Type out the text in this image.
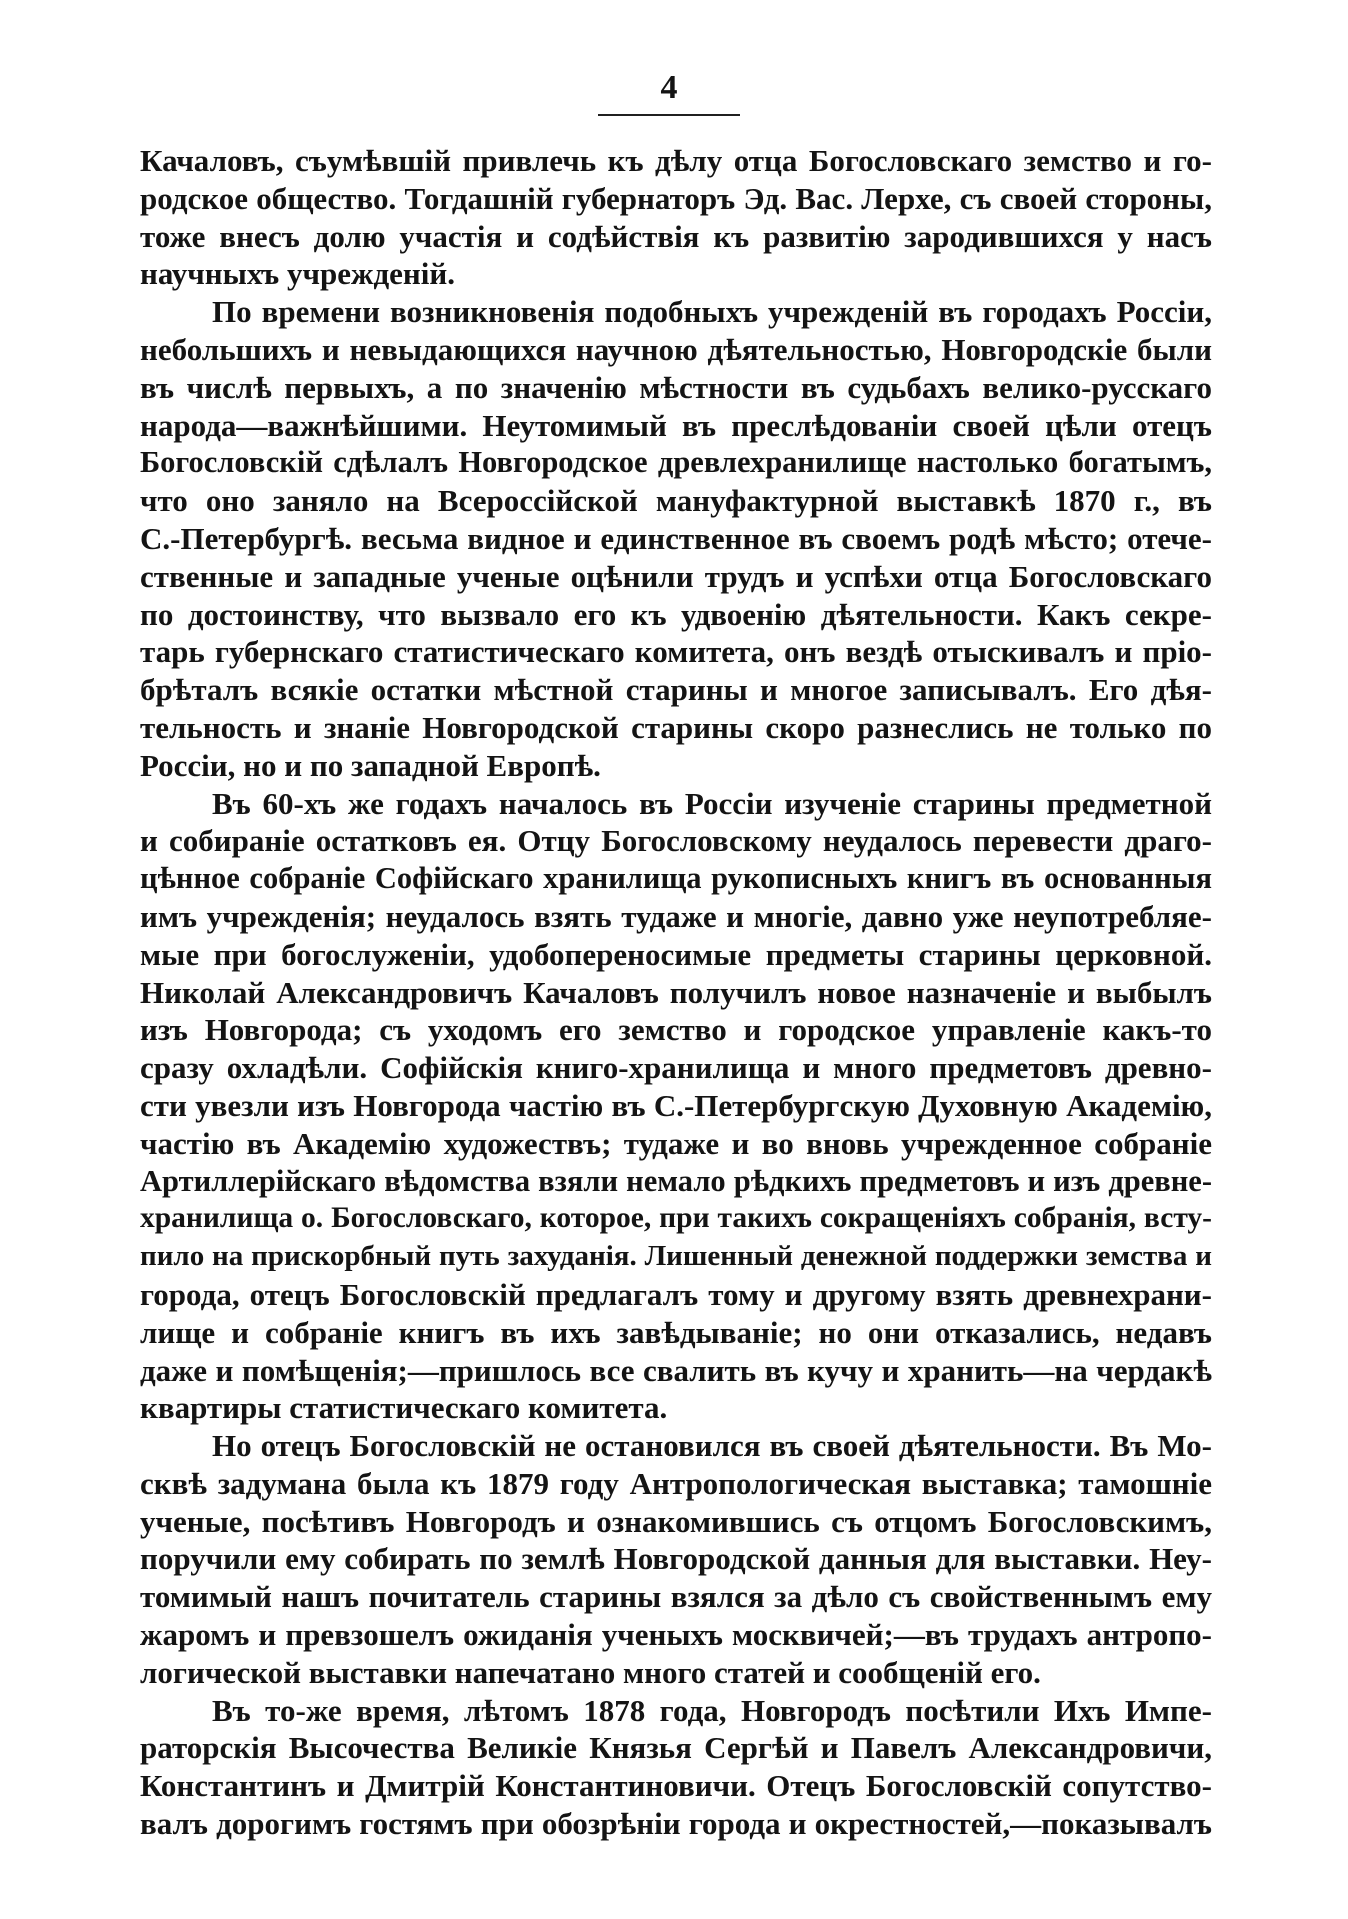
4
Качаловъ, съумѣвшій привлечь къ дѣлу отца Богословскаго земство и го-
родское общество. Тогдашній губернаторъ Эд. Вас. Лерхе, съ своей стороны,
тоже внесъ долю участія и содѣйствія къ развитію зародившихся у насъ
научныхъ учрежденій.
По времени возникновенія подобныхъ учрежденій въ городахъ Россіи,
небольшихъ и невыдающихся научною дѣятельностью, Новгородскіе были
въ числѣ первыхъ, а по значенію мѣстности въ судьбахъ велико-русскаго
народа—важнѣйшими. Неутомимый въ преслѣдованіи своей цѣли отецъ
Богословскій сдѣлалъ Новгородское древлехранилище настолько богатымъ,
что оно заняло на Всероссійской мануфактурной выставкѣ 1870 г., въ
С.-Петербургѣ. весьма видное и единственное въ своемъ родѣ мѣсто; отече-
ственные и западные ученые оцѣнили трудъ и успѣхи отца Богословскаго
по достоинству, что вызвало его къ удвоенію дѣятельности. Какъ секре-
тарь губернскаго статистическаго комитета, онъ вездѣ отыскивалъ и прio-
брѣталъ всякіе остатки мѣстной старины и многое записывалъ. Его дѣя-
тельность и знаніе Новгородской старины скоро разнеслись не только по
Россіи, но и по западной Европѣ.
Въ 60-хъ же годахъ началось въ Россіи изученіе старины предметной
и собираніе остатковъ ея. Отцу Богословскому неудалось перевести драго-
цѣнное собраніе Софійскаго хранилища рукописныхъ книгъ въ основанныя
имъ учрежденія; неудалось взять тудаже и многіе, давно уже неупотребляе-
мые при богослуженіи, удобопереносимые предметы старины церковной.
Николай Александровичъ Качаловъ получилъ новое назначеніе и выбылъ
изъ Новгорода; съ уходомъ его земство и городское управленіе какъ-то
сразу охладѣли. Софійскія книго-хранилища и много предметовъ древно-
сти увезли изъ Новгорода частію въ С.-Петербургскую Духовную Академію,
частію въ Академію художествъ; тудаже и во вновь учрежденное собраніе
Артиллерійскаго вѣдомства взяли немало рѣдкихъ предметовъ и изъ древне-
хранилища о. Богословскаго, которое, при такихъ сокращеніяхъ собранія, всту-
пило на прискорбный путь захуданія. Лишенный денежной поддержки земства и
города, отецъ Богословскій предлагалъ тому и другому взять древнехрани-
лище и собраніе книгъ въ ихъ завѣдываніе; но они отказались, недавъ
даже и помѣщенія;—пришлось все свалить въ кучу и хранить—на чердакѣ
квартиры статистическаго комитета.
Но отецъ Богословскій не остановился въ своей дѣятельности. Въ Мо-
сквѣ задумана была къ 1879 году Антропологическая выставка; тамошніе
ученые, посѣтивъ Новгородъ и ознакомившись съ отцомъ Богословскимъ,
поручили ему собирать по землѣ Новгородской данныя для выставки. Неу-
томимый нашъ почитатель старины взялся за дѣло съ свойственнымъ ему
жаромъ и превзошелъ ожиданія ученыхъ москвичей;—въ трудахъ антропо-
логической выставки напечатано много статей и сообщеній его.
Въ то-же время, лѣтомъ 1878 года, Новгородъ посѣтили Ихъ Импе-
раторскія Высочества Великіе Князья Сергѣй и Павелъ Александровичи,
Константинъ и Дмитрій Константиновичи. Отецъ Богословскій сопутство-
валъ дорогимъ гостямъ при обозрѣніи города и окрестностей,—показывалъ
